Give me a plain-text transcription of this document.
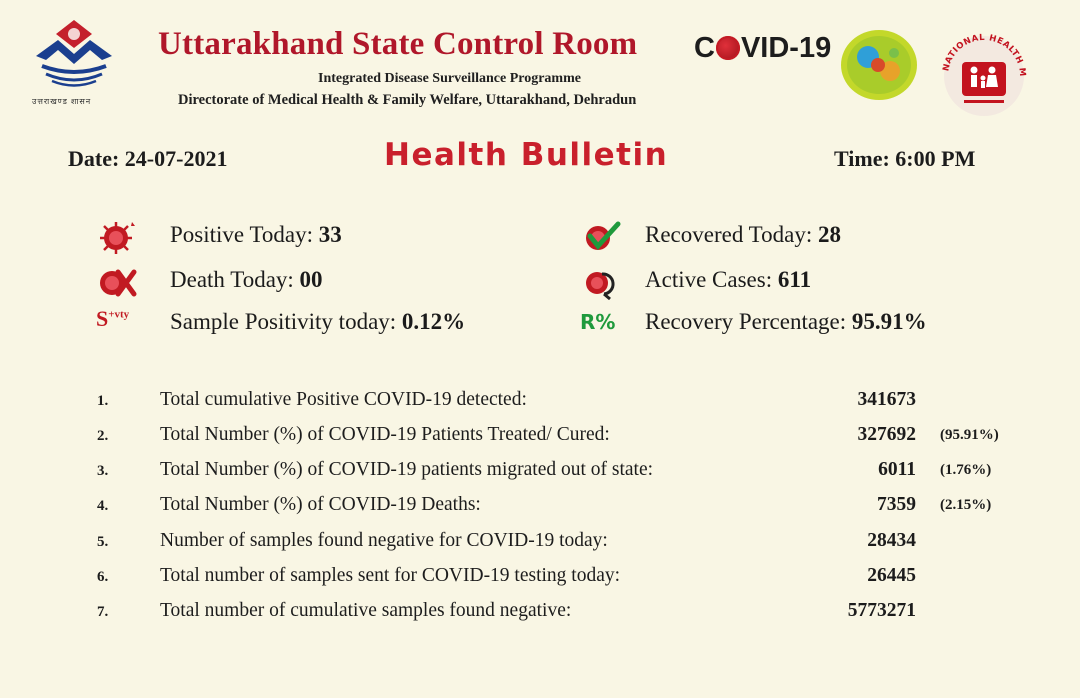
उत्तराखण्ड शासन
Uttarakhand State Control Room C VID-19
Integrated Disease Surveillance Programme
Directorate of Medical Health & Family Welfare, Uttarakhand, Dehradun
NATIONAL HEALTH M
Date: 24-07-2021	Health Bulletin	Time: 6:00 PM
Positive Today: 33	Recovered Today: 28
Death Today: 00	Active Cases: 611
$S^{+vty}$ Sample Positivity today: 0.12%	R% Recovery Percentage: 95.91%
1.	Total cumulative Positive COVID-19 detected:	341673
2.	Total Number (%) of COVID-19 Patients Treated/ Cured:	327692 (95.91%)
3.	Total Number (%) of COVID-19 patients migrated out of state:	6011 (1.76%)
4.	Total Number (%) of COVID-19 Deaths:	7359 (2.15%)
5.	Number of samples found negative for COVID-19 today:	28434
6.	Total number of samples sent for COVID-19 testing today:	26445
7.	Total number of cumulative samples found negative:	5773271
